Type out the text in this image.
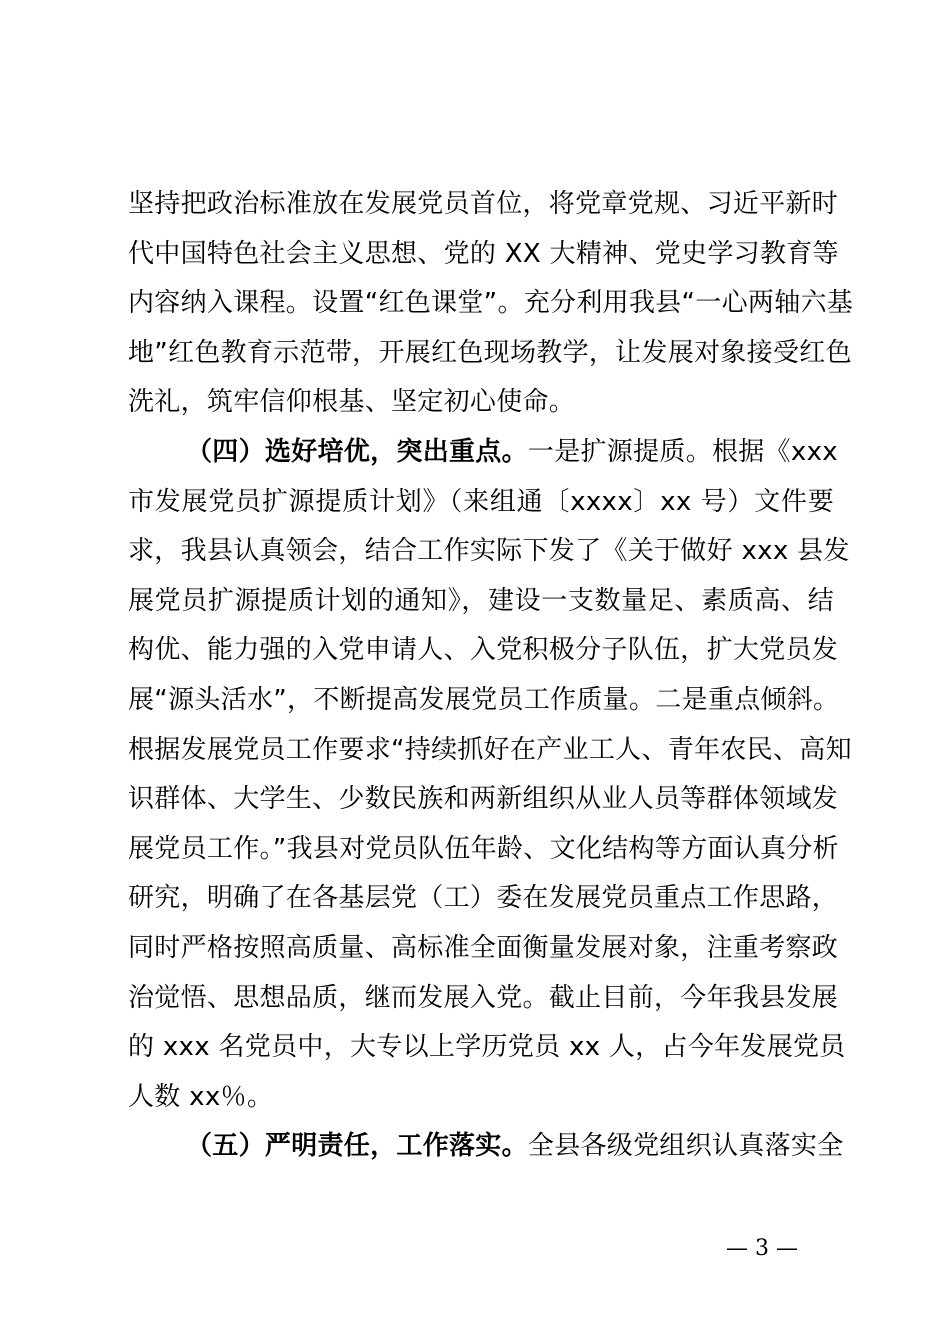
坚持把政治标准放在发展党员首位，将党章党规、习近平新时
代中国特色社会主义思想、党的 XX 大精神、党史学习教育等
内容纳入课程。设置“红色课堂”。充分利用我县“一心两轴六基
地”红色教育示范带，开展红色现场教学，让发展对象接受红色
洗礼，筑牢信仰根基、坚定初心使命。
（四）选好培优，突出重点。一是扩源提质。根据《xxx
市发展党员扩源提质计划》（来组通〔xxxx〕xx 号）文件要
求，我县认真领会，结合工作实际下发了《关于做好 xxx 县发
展党员扩源提质计划的通知》，建设一支数量足、素质高、结
构优、能力强的入党申请人、入党积极分子队伍，扩大党员发
展“源头活水”，不断提高发展党员工作质量。二是重点倾斜。
根据发展党员工作要求“持续抓好在产业工人、青年农民、高知
识群体、大学生、少数民族和两新组织从业人员等群体领域发
展党员工作。”我县对党员队伍年龄、文化结构等方面认真分析
研究，明确了在各基层党（工）委在发展党员重点工作思路，
同时严格按照高质量、高标准全面衡量发展对象，注重考察政
治觉悟、思想品质，继而发展入党。截止目前，今年我县发展
的 xxx 名党员中，大专以上学历党员 xx 人，占今年发展党员
人数 xx％。
（五）严明责任，工作落实。全县各级党组织认真落实全
— 3 —
